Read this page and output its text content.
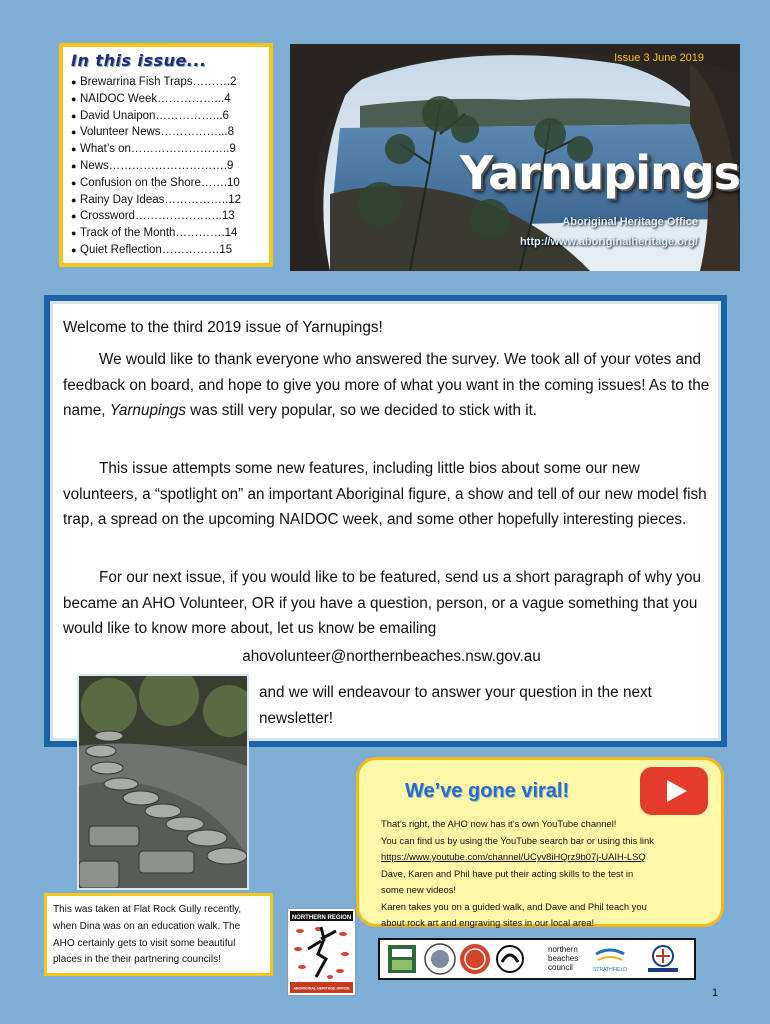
In this issue...
● Brewarrina Fish Traps……….2
● NAIDOC Week……………...4
● David Unaipon……………...6
● Volunteer News……………...8
● What’s on……………………..9
● News………………………….9
● Confusion on the Shore…….10
● Rainy Day Ideas……………..12
● Crossword…………………..13
● Track of the Month………….14
● Quiet Reflection……………15
Issue 3 June 2019
Yarnupings
Aboriginal Heritage Office
http://www.aboriginalheritage.org/
Welcome to the third 2019 issue of Yarnupings!
We would like to thank everyone who answered the survey. We took all of your votes and feedback on board, and hope to give you more of what you want in the coming issues! As to the name, Yarnupings was still very popular, so we decided to stick with it.
This issue attempts some new features, including little bios about some our new volunteers, a “spotlight on” an important Aboriginal figure, a show and tell of our new model fish trap, a spread on the upcoming NAIDOC week, and some other hopefully interesting pieces.
For our next issue, if you would like to be featured, send us a short paragraph of why you became an AHO Volunteer, OR if you have a question, person, or a vague something that you would like to know more about, let us know be emailing
ahovolunteer@northernbeaches.nsw.gov.au
and we will endeavour to answer your question in the next newsletter!
This was taken at Flat Rock Gully recently, when Dina was on an education walk. The AHO certainly gets to visit some beautiful places in the their partnering councils!
NORTHERN REGION
ABORIGINAL HERITAGE OFFICE
We’ve gone viral!
That’s right, the AHO now has it’s own YouTube channel!
You can find us by using the YouTube search bar or using this link
https://www.youtube.com/channel/UCyv8iHQrz9b07j-UAIH-LSQ
Dave, Karen and Phil have put their acting skills to the test in
some new videos!
Karen takes you on a guided walk, and Dave and Phil teach you
about rock art and engraving sites in our local area!
northern
beaches
council	STRATHFIELD
1
